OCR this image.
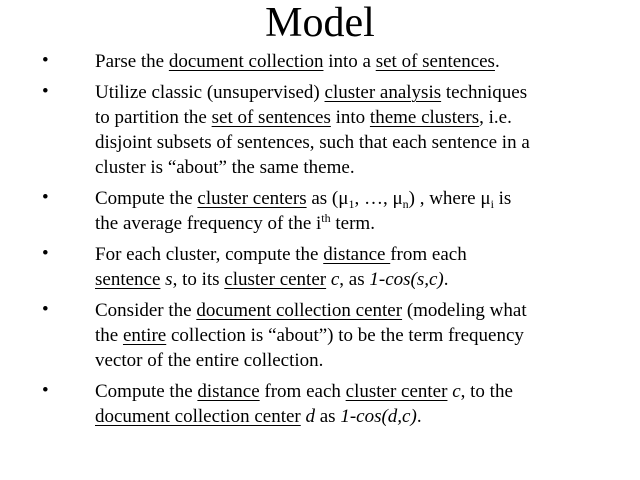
Model
• Parse the document collection into a set of sentences.
• Utilize classic (unsupervised) cluster analysis techniques
to partition the set of sentences into theme clusters, i.e.
disjoint subsets of sentences, such that each sentence in a
cluster is “about” the same theme.
• Compute the cluster centers as ($\mu_1$, …, $\mu_n$) , where $\mu_i$ is
the average frequency of the $i^{th}$ term.
• For each cluster, compute the distance from each
sentence s, to its cluster center c, as 1-cos(s,c).
• Consider the document collection center (modeling what
the entire collection is “about”) to be the term frequency
vector of the entire collection.
• Compute the distance from each cluster center c, to the
document collection center d as 1-cos(d,c).
